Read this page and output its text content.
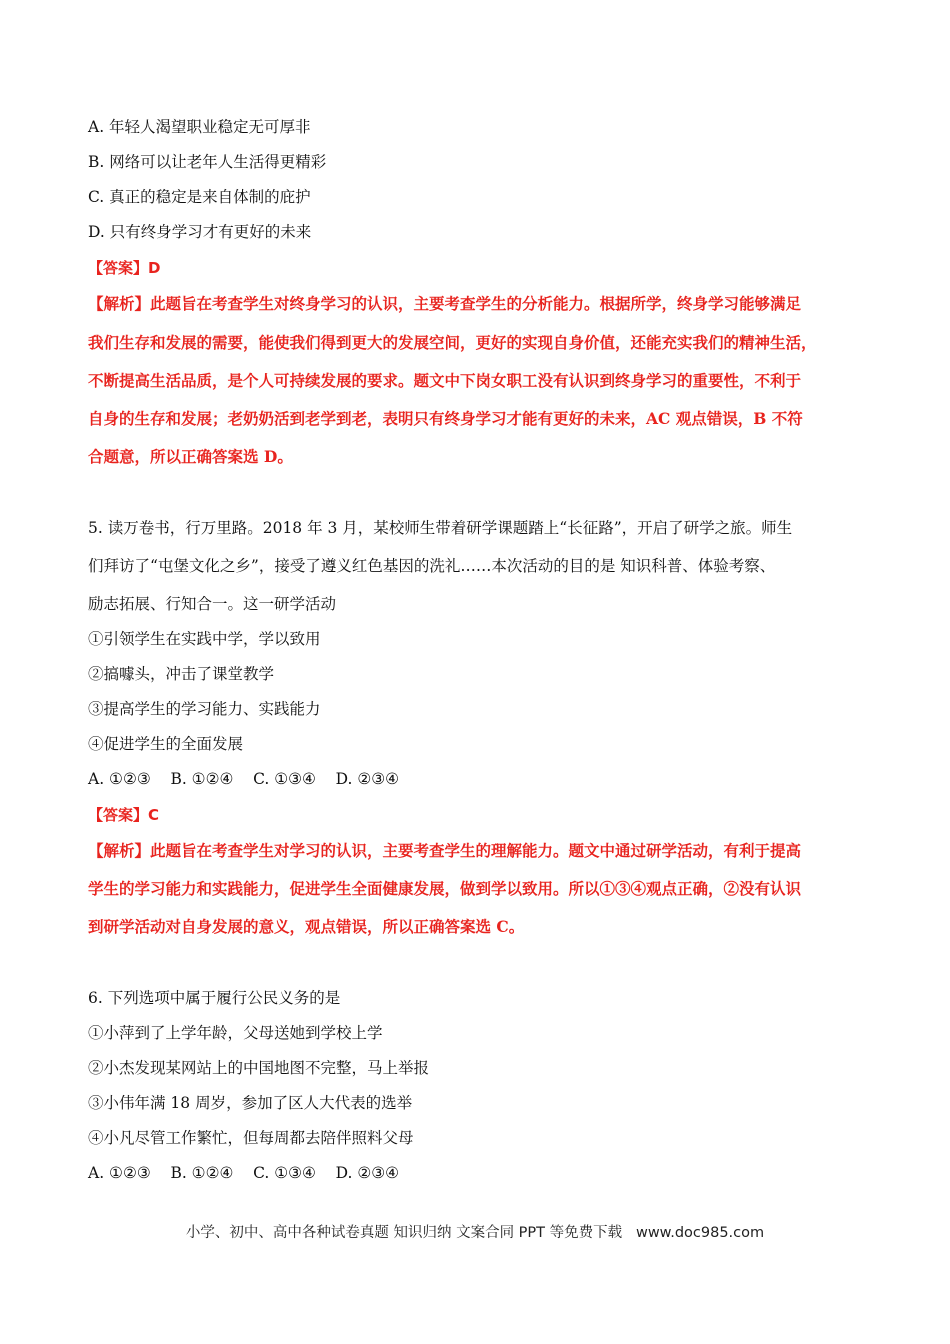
A. 年轻人渴望职业稳定无可厚非
B. 网络可以让老年人生活得更精彩
C. 真正的稳定是来自体制的庇护
D. 只有终身学习才有更好的未来
【答案】D
【解析】此题旨在考查学生对终身学习的认识，主要考查学生的分析能力。根据所学，终身学习能够满足
我们生存和发展的需要，能使我们得到更大的发展空间，更好的实现自身价值，还能充实我们的精神生活，
不断提高生活品质，是个人可持续发展的要求。题文中下岗女职工没有认识到终身学习的重要性，不利于
自身的生存和发展；老奶奶活到老学到老，表明只有终身学习才能有更好的未来，AC 观点错误，B 不符
合题意，所以正确答案选 D。
5. 读万卷书，行万里路。2018 年 3 月，某校师生带着研学课题踏上“长征路”，开启了研学之旅。师生
们拜访了“屯堡文化之乡”，接受了遵义红色基因的洗礼……本次活动的目的是 知识科普、体验考察、
励志拓展、行知合一。这一研学活动
①引领学生在实践中学，学以致用
②搞噱头，冲击了课堂教学
③提高学生的学习能力、实践能力
④促进学生的全面发展
A. ①②③    B. ①②④    C. ①③④    D. ②③④
【答案】C
【解析】此题旨在考查学生对学习的认识，主要考查学生的理解能力。题文中通过研学活动，有利于提高
学生的学习能力和实践能力，促进学生全面健康发展，做到学以致用。所以①③④观点正确，②没有认识
到研学活动对自身发展的意义，观点错误，所以正确答案选 C。
6. 下列选项中属于履行公民义务的是
①小萍到了上学年龄，父母送她到学校上学
②小杰发现某网站上的中国地图不完整，马上举报
③小伟年满 18 周岁，参加了区人大代表的选举
④小凡尽管工作繁忙，但每周都去陪伴照料父母
A. ①②③    B. ①②④    C. ①③④    D. ②③④
小学、初中、高中各种试卷真题 知识归纳 文案合同 PPT 等免费下载   www.doc985.com
